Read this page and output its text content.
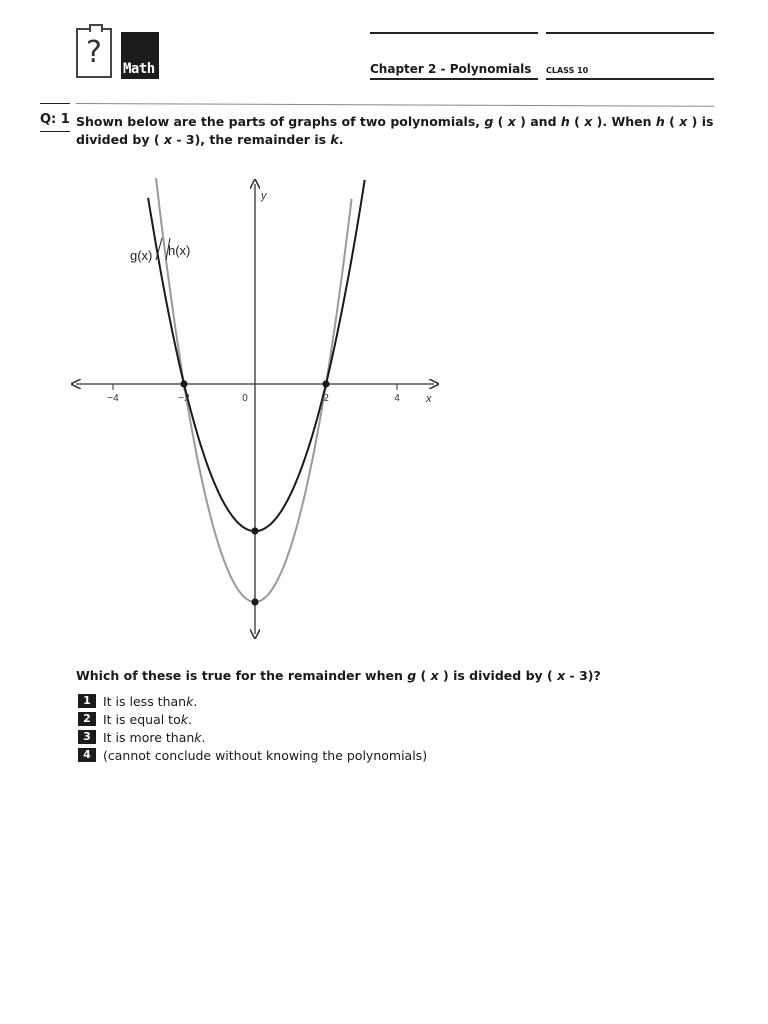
?	Math	Chapter 2 - Polynomials CLASS 10
Q: 1 Shown below are the parts of graphs of two polynomials, g ( x ) and h ( x ). When h ( x ) is divided by ( x - 3), the remainder is k.
−4	−2	0	2	4
g(x) h(x)
y
x
Which of these is true for the remainder when g ( x ) is divided by ( x - 3)?
1 It is less than k .
2 It is equal to k .
3 It is more than k .
4 (cannot conclude without knowing the polynomials)
